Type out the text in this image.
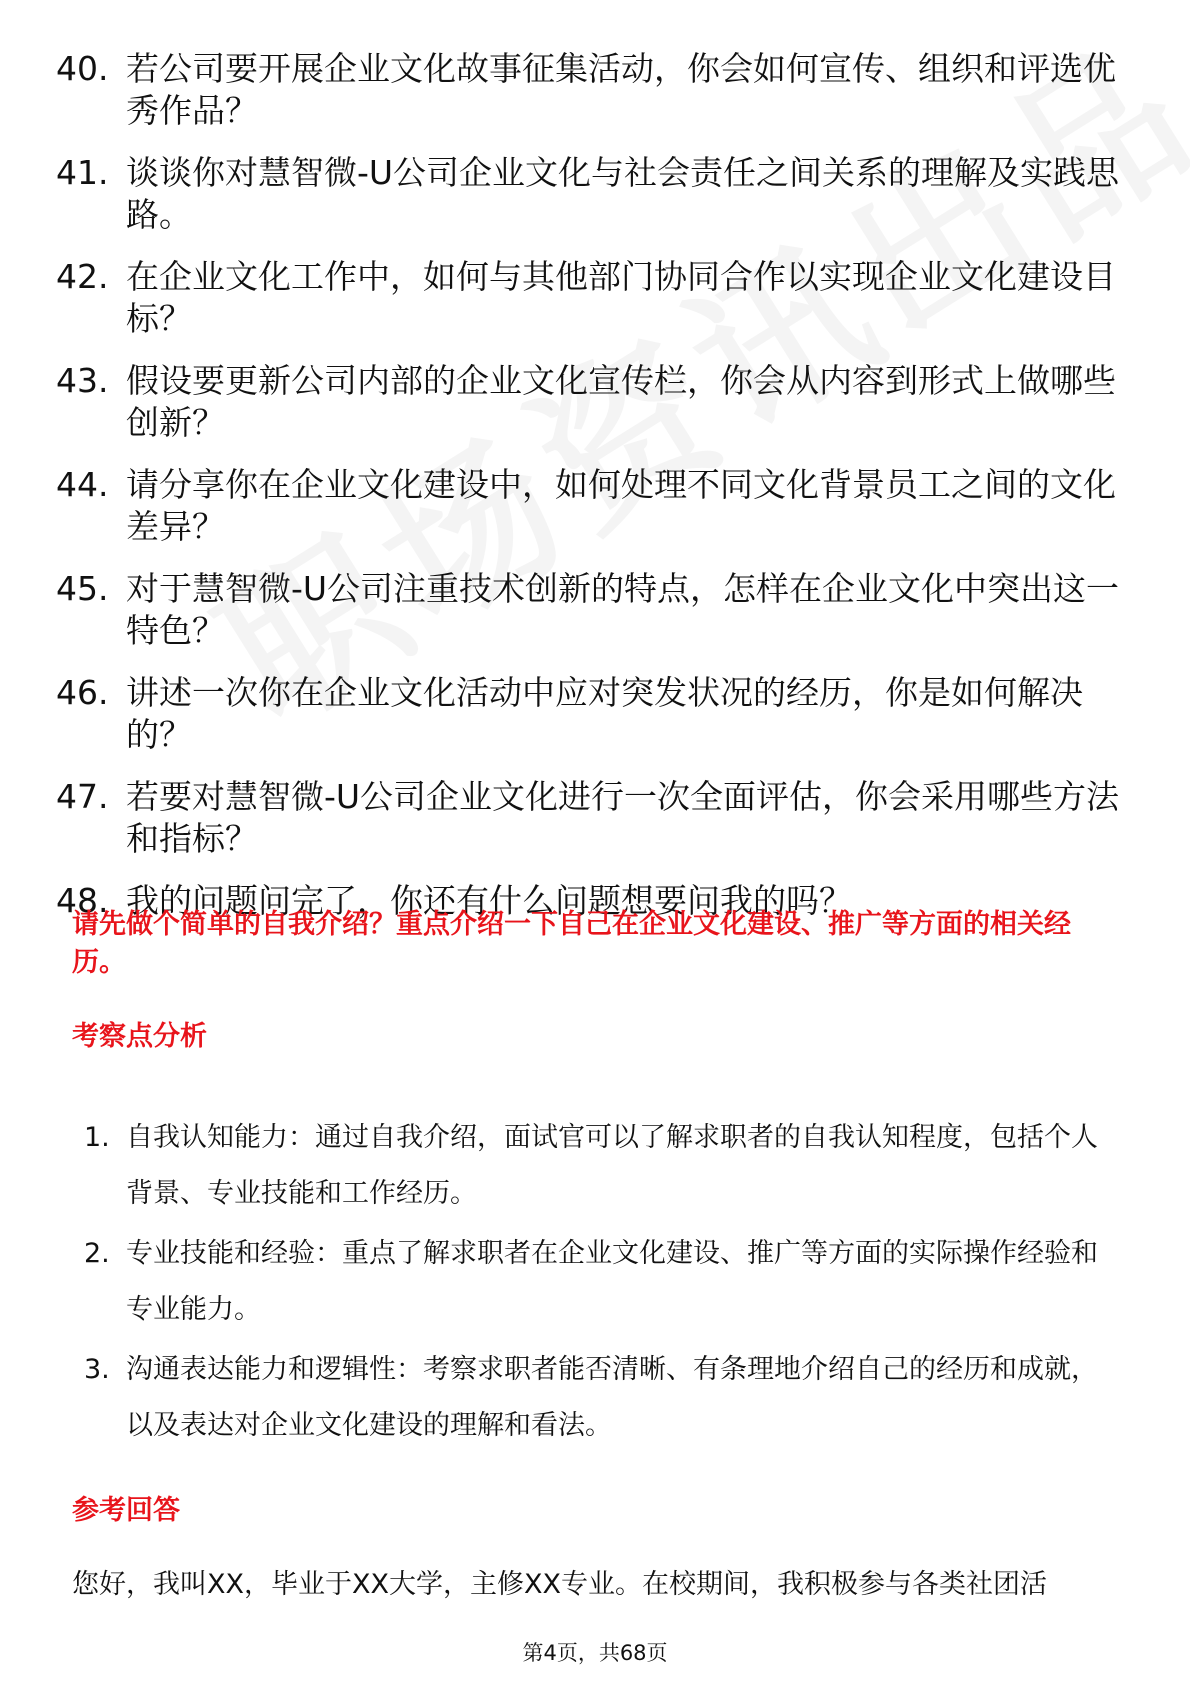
40. 若公司要开展企业文化故事征集活动，你会如何宣传、组织和评选优秀作品？
41. 谈谈你对慧智微-U公司企业文化与社会责任之间关系的理解及实践思路。
42. 在企业文化工作中，如何与其他部门协同合作以实现企业文化建设目标？
43. 假设要更新公司内部的企业文化宣传栏，你会从内容到形式上做哪些创新？
44. 请分享你在企业文化建设中，如何处理不同文化背景员工之间的文化差异？
45. 对于慧智微-U公司注重技术创新的特点，怎样在企业文化中突出这一特色？
46. 讲述一次你在企业文化活动中应对突发状况的经历，你是如何解决的？
47. 若要对慧智微-U公司企业文化进行一次全面评估，你会采用哪些方法和指标？
48. 我的问题问完了，你还有什么问题想要问我的吗？
请先做个简单的自我介绍？重点介绍一下自己在企业文化建设、推广等方面的相关经历。
考察点分析
1. 自我认知能力：通过自我介绍，面试官可以了解求职者的自我认知程度，包括个人背景、专业技能和工作经历。
2. 专业技能和经验：重点了解求职者在企业文化建设、推广等方面的实际操作经验和专业能力。
3. 沟通表达能力和逻辑性：考察求职者能否清晰、有条理地介绍自己的经历和成就，以及表达对企业文化建设的理解和看法。
参考回答
您好，我叫XX，毕业于XX大学，主修XX专业。在校期间，我积极参与各类社团活
第4页，共68页
